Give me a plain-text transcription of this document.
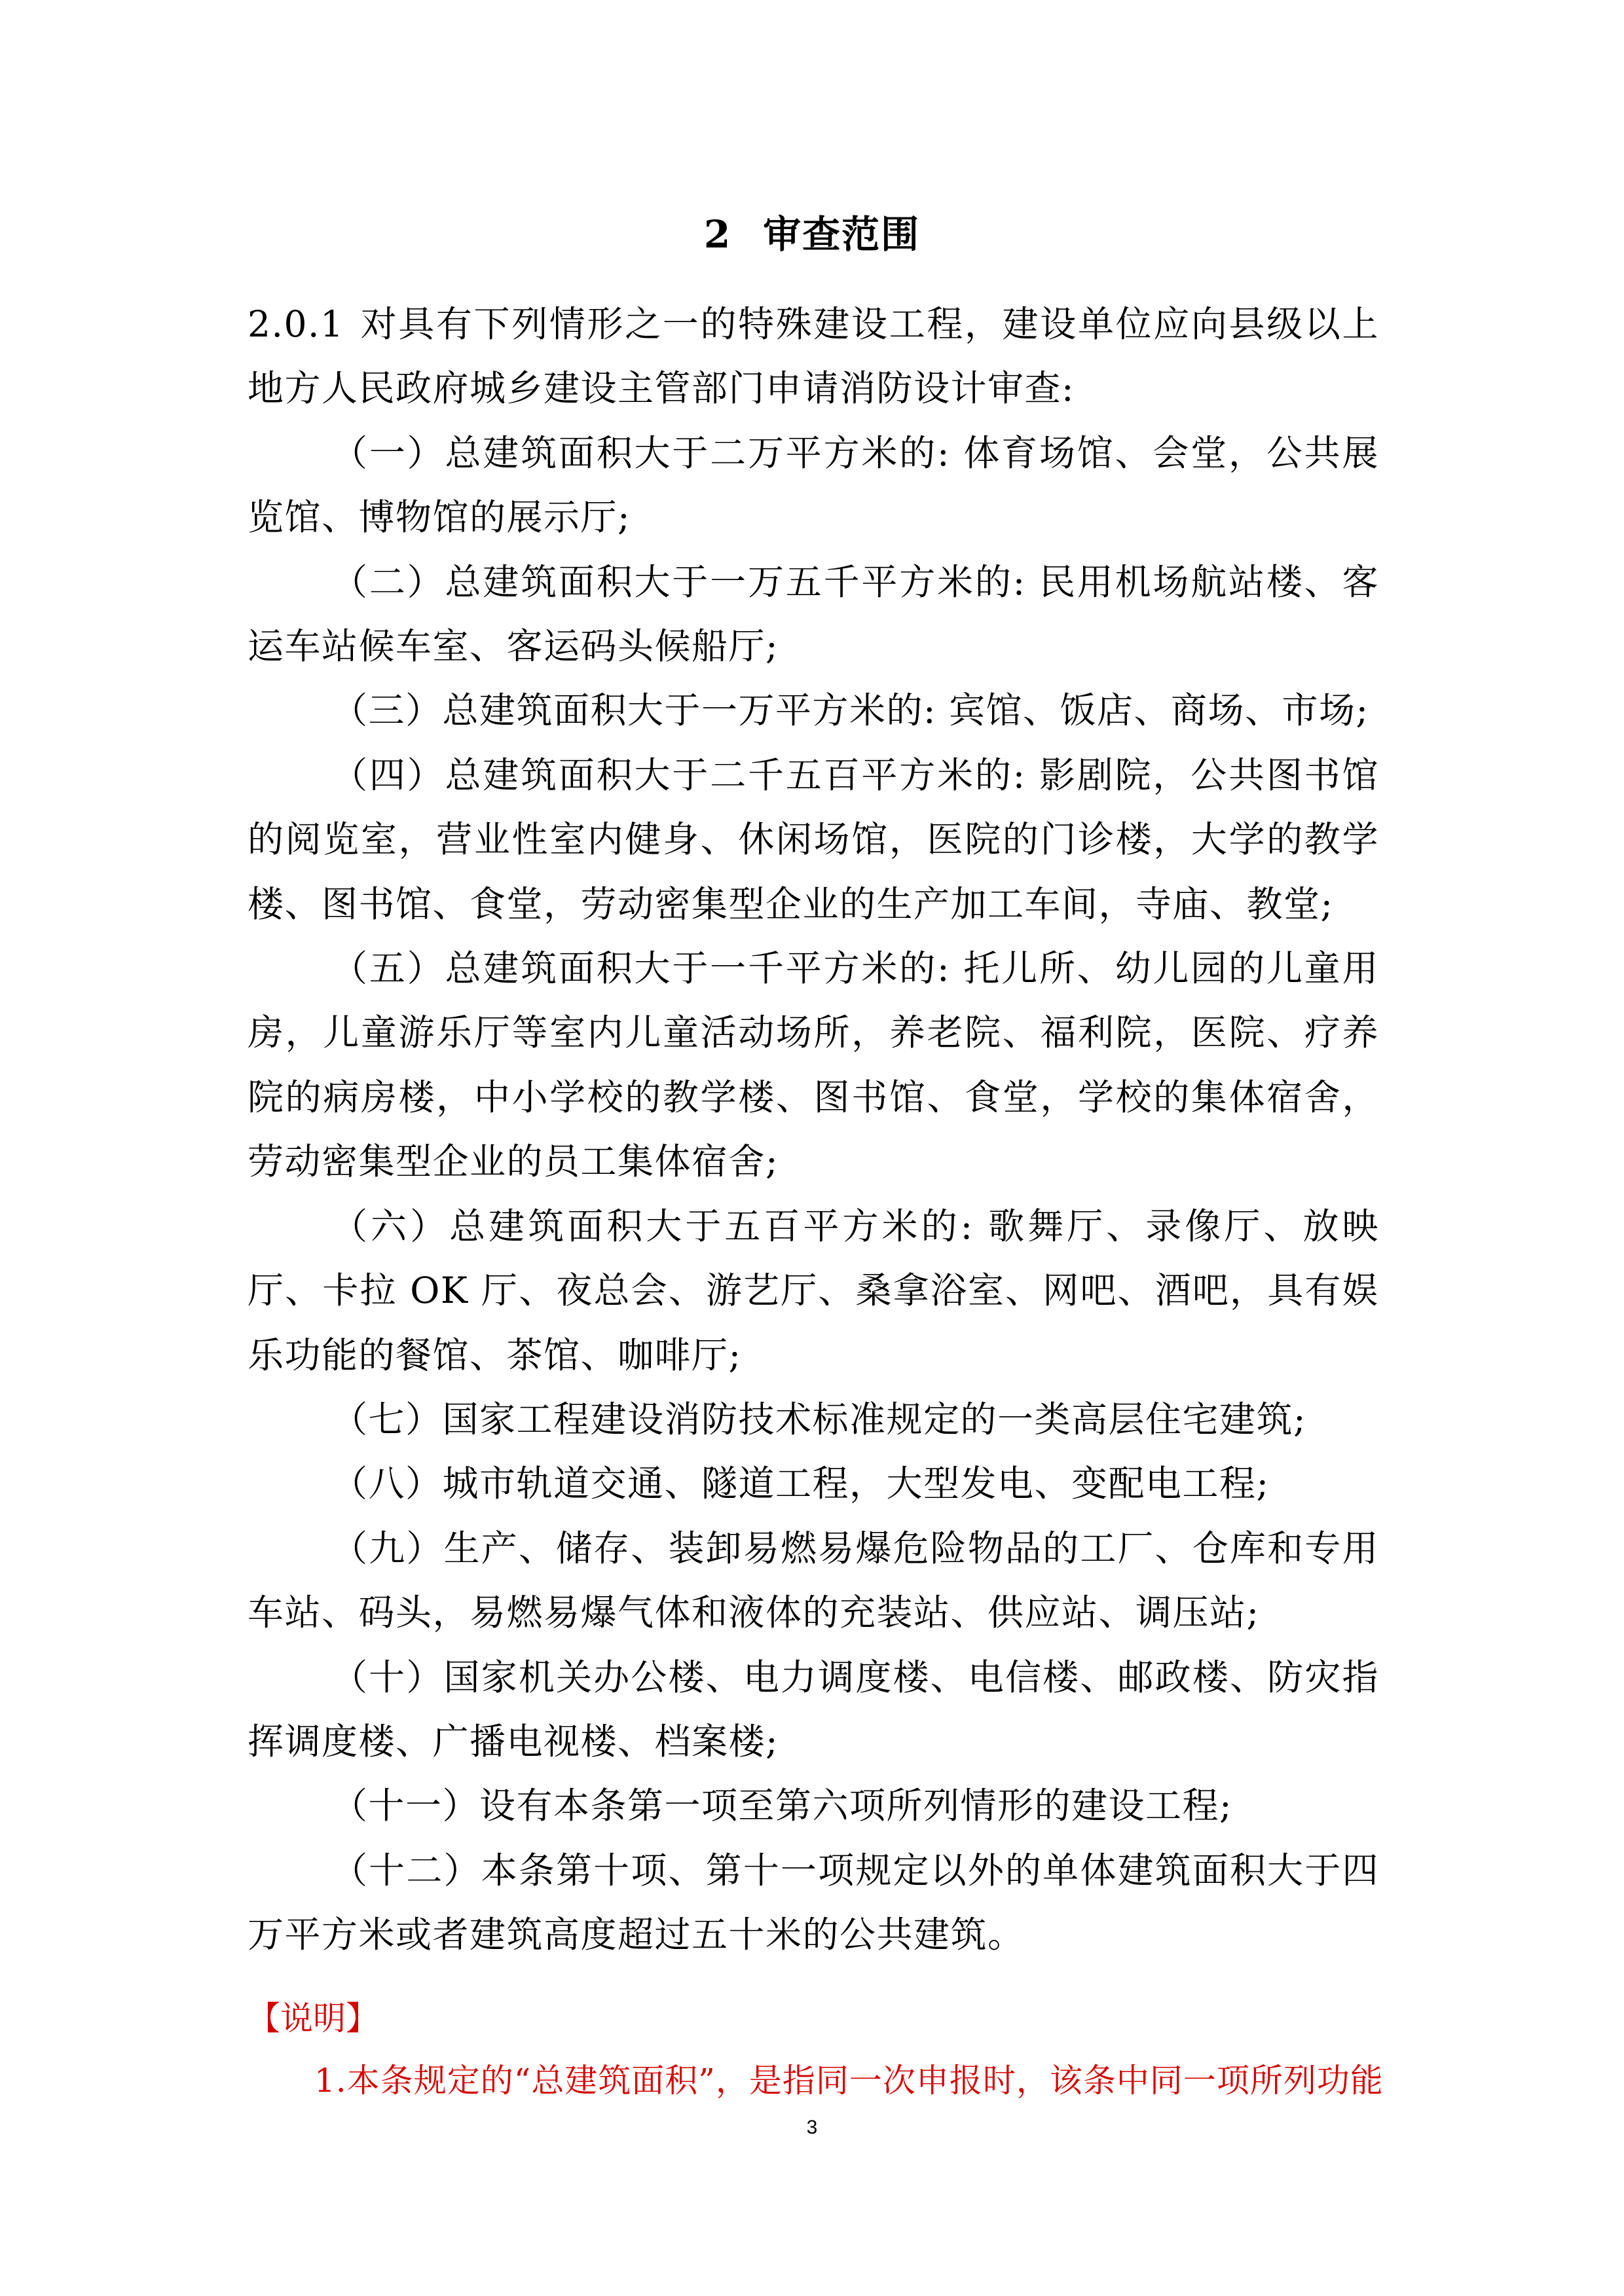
2 审查范围

2.0.1 对具有下列情形之一的特殊建设工程，建设单位应向县级以上地方人民政府城乡建设主管部门申请消防设计审查:

（一）总建筑面积大于二万平方米的: 体育场馆、会堂，公共展览馆、博物馆的展示厅;

（二）总建筑面积大于一万五千平方米的: 民用机场航站楼、客运车站候车室、客运码头候船厅;

（三）总建筑面积大于一万平方米的: 宾馆、饭店、商场、市场;

（四）总建筑面积大于二千五百平方米的: 影剧院，公共图书馆的阅览室，营业性室内健身、休闲场馆，医院的门诊楼，大学的教学楼、图书馆、食堂，劳动密集型企业的生产加工车间，寺庙、教堂;

（五）总建筑面积大于一千平方米的: 托儿所、幼儿园的儿童用房，儿童游乐厅等室内儿童活动场所，养老院、福利院，医院、疗养院的病房楼，中小学校的教学楼、图书馆、食堂，学校的集体宿舍，劳动密集型企业的员工集体宿舍;

（六）总建筑面积大于五百平方米的: 歌舞厅、录像厅、放映厅、卡拉 OK 厅、夜总会、游艺厅、桑拿浴室、网吧、酒吧，具有娱乐功能的餐馆、茶馆、咖啡厅;

（七）国家工程建设消防技术标准规定的一类高层住宅建筑;

（八）城市轨道交通、隧道工程，大型发电、变配电工程;

（九）生产、储存、装卸易燃易爆危险物品的工厂、仓库和专用车站、码头，易燃易爆气体和液体的充装站、供应站、调压站;

（十）国家机关办公楼、电力调度楼、电信楼、邮政楼、防灾指挥调度楼、广播电视楼、档案楼;

（十一）设有本条第一项至第六项所列情形的建设工程;

（十二）本条第十项、第十一项规定以外的单体建筑面积大于四万平方米或者建筑高度超过五十米的公共建筑。

【说明】
1.本条规定的“总建筑面积”，是指同一次申报时，该条中同一项所列功能
3
